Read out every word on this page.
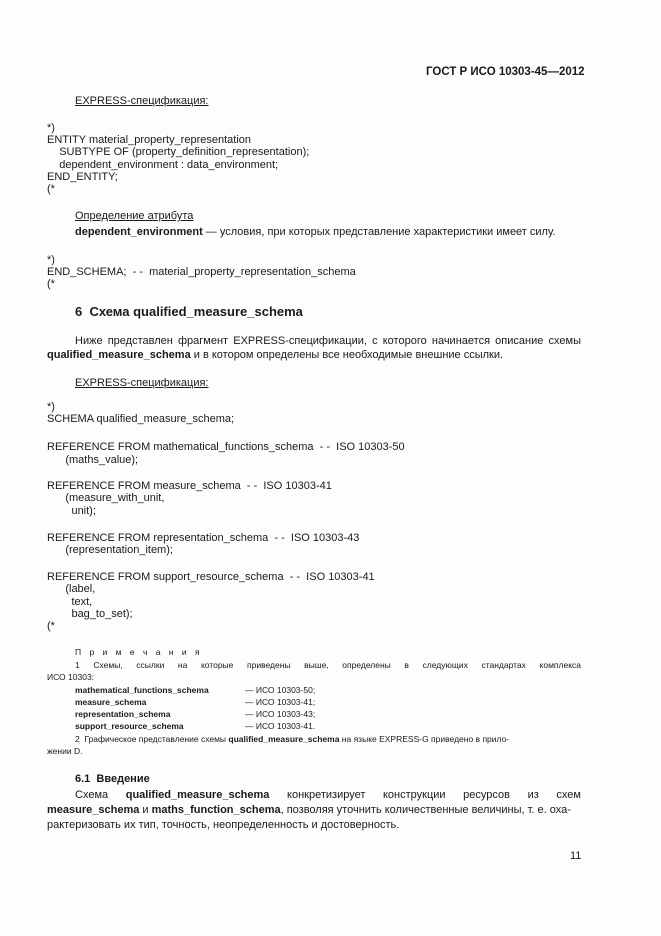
ГОСТ Р ИСО 10303-45—2012
EXPRESS-спецификация:
*)
ENTITY material_property_representation
SUBTYPE OF (property_definition_representation);
dependent_environment : data_environment;
END_ENTITY;
(*
Определение атрибута
dependent_environment — условия, при которых представление характеристики имеет силу.
*)
END_SCHEMA;  - -  material_property_representation_schema
(*
6  Схема qualified_measure_schema
Ниже представлен фрагмент EXPRESS-спецификации, с которого начинается описание схемы
qualified_measure_schema и в котором определены все необходимые внешние ссылки.
EXPRESS-спецификация:
*)
SCHEMA qualified_measure_schema;
REFERENCE FROM mathematical_functions_schema  - -  ISO 10303-50
(maths_value);
REFERENCE FROM measure_schema  - -  ISO 10303-41
(measure_with_unit,
unit);
REFERENCE FROM representation_schema  - -  ISO 10303-43
(representation_item);
REFERENCE FROM support_resource_schema  - -  ISO 10303-41
(label,
text,
bag_to_set);
(*
П р и м е ч а н и я
1 Схемы, ссылки на которые приведены выше, определены в следующих стандартах комплекса
ИСО 10303:
mathematical_functions_schema	— ИСО 10303-50;
measure_schema	— ИСО 10303-41;
representation_schema	— ИСО 10303-43;
support_resource_schema	— ИСО 10303-41.
2  Графическое представление схемы qualified_measure_schema на языке EXPRESS-G приведено в прило-
жении D.
6.1  Введение
Схема qualified_measure_schema конкретизирует конструкции ресурсов из схем
measure_schema и maths_function_schema, позволяя уточнить количественные величины, т. е. оха-
рактеризовать их тип, точность, неопределенность и достоверность.
11
